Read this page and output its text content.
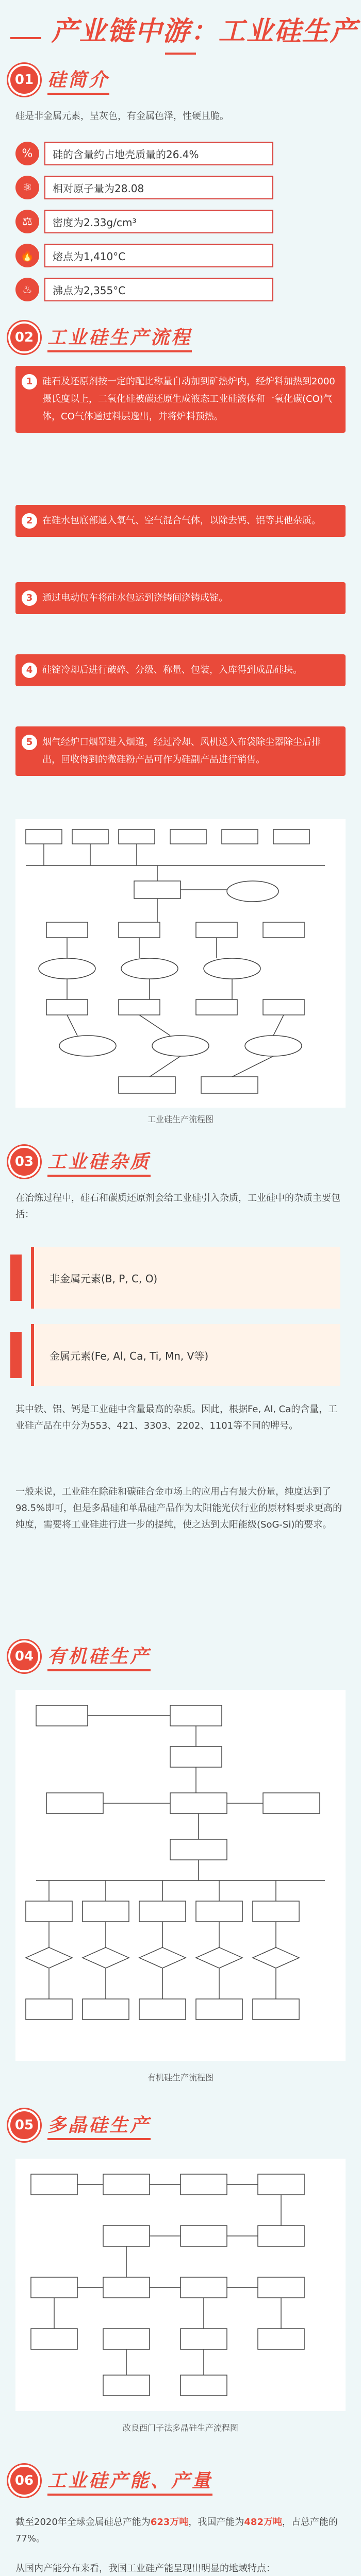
产业链中游：工业硅生产
01 硅简介
硅是非金属元素，呈灰色，有金属色泽，性硬且脆。
%	硅的含量约占地壳质量的26.4%
⚛	相对原子量为28.08
⚖	密度为2.33g/cm³
🔥	熔点为1,410°C
♨	沸点为2,355°C
02 工业硅生产流程
1	硅石及还原剂按一定的配比称量自动加到矿热炉内，经炉料加热到2000摄氏度以上，二氧化硅被碳还原生成液态工业硅液体和一氧化碳(CO)气体，CO气体通过料层逸出，并将炉料预热。
2	在硅水包底部通入氧气、空气混合气体，以除去钙、铝等其他杂质。
3	通过电动包车将硅水包运到浇铸间浇铸成锭。
4	硅锭冷却后进行破碎、分级、称量、包装，入库得到成品硅块。
5	烟气经炉口烟罩进入烟道，经过冷却、风机送入布袋除尘器除尘后排出，回收得到的微硅粉产品可作为硅副产品进行销售。
工业硅生产流程图
03 工业硅杂质
在冶炼过程中，硅石和碳质还原剂会给工业硅引入杂质，工业硅中的杂质主要包括：
非金属元素(B, P, C, O)
金属元素(Fe, Al, Ca, Ti, Mn, V等)
其中铁、铝、钙是工业硅中含量最高的杂质。因此，根据Fe, Al, Ca的含量，工业硅产品在中分为553、421、3303、2202、1101等不同的牌号。
一般来说，工业硅在除硅和碳硅合金市场上的应用占有最大份量，纯度达到了98.5%即可，但是多晶硅和单晶硅产品作为太阳能光伏行业的原材料要求更高的纯度，需要将工业硅进行进一步的提纯，使之达到太阳能级(SoG-Si)的要求。
04 有机硅生产
有机硅生产流程图
05 多晶硅生产
改良西门子法多晶硅生产流程图
06 工业硅产能、产量
截至2020年全球金属硅总产能为623万吨，我国产能为482万吨，占总产能的77%。
从国内产能分布来看，我国工业硅产能呈现出明显的地域特点：
